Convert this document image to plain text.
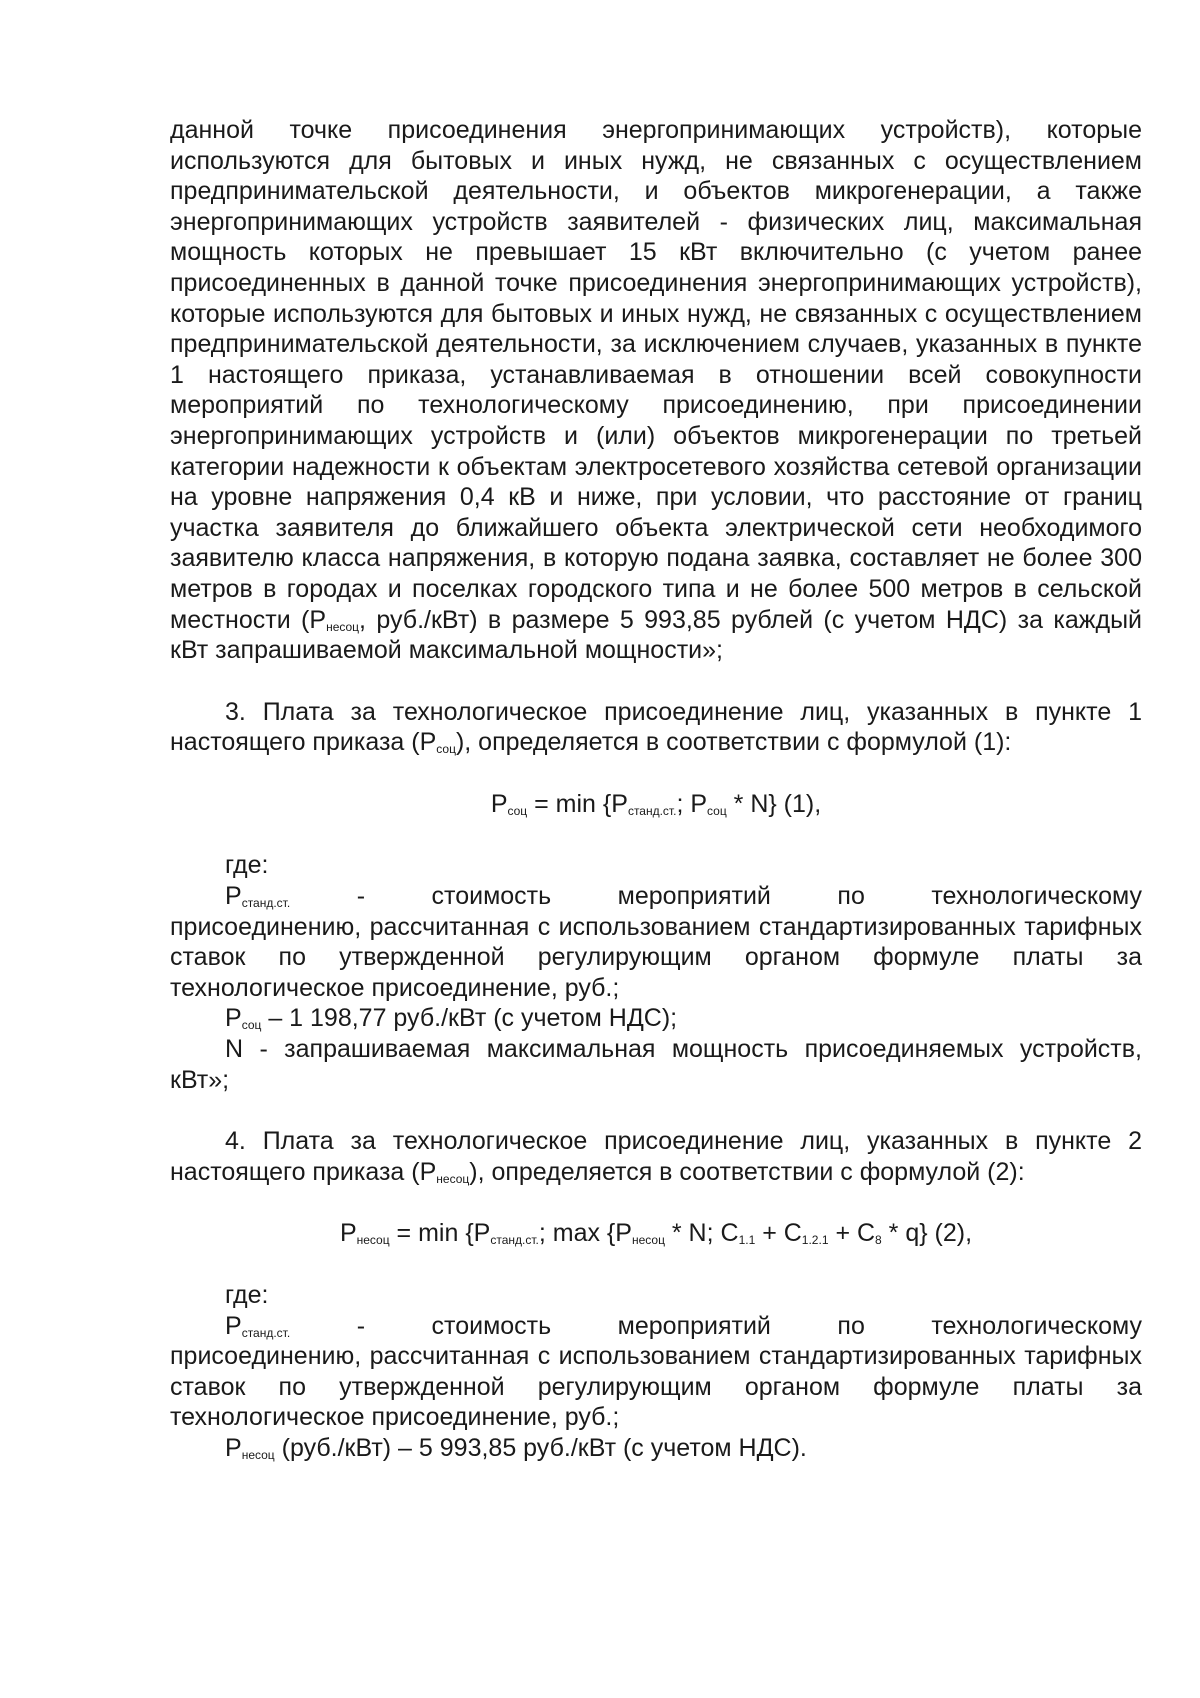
данной точке присоединения энергопринимающих устройств), которые используются для бытовых и иных нужд, не связанных с осуществлением предпринимательской деятельности, и объектов микрогенерации, а также энергопринимающих устройств заявителей - физических лиц, максимальная мощность которых не превышает 15 кВт включительно (с учетом ранее присоединенных в данной точке присоединения энергопринимающих устройств), которые используются для бытовых и иных нужд, не связанных с осуществлением предпринимательской деятельности, за исключением случаев, указанных в пункте 1 настоящего приказа, устанавливаемая в отношении всей совокупности мероприятий по технологическому присоединению, при присоединении энергопринимающих устройств и (или) объектов микрогенерации по третьей категории надежности к объектам электросетевого хозяйства сетевой организации на уровне напряжения 0,4 кВ и ниже, при условии, что расстояние от границ участка заявителя до ближайшего объекта электрической сети необходимого заявителю класса напряжения, в которую подана заявка, составляет не более 300 метров в городах и поселках городского типа и не более 500 метров в сельской местности ($P_{несоц}$, руб./кВт) в размере 5 993,85 рублей (с учетом НДС) за каждый кВт запрашиваемой максимальной мощности»;

3. Плата за технологическое присоединение лиц, указанных в пункте 1 настоящего приказа $(P_{соц})$, определяется в соответствии с формулой (1):

$P_{соц} = \min \{P_{станд.ст.}$; $P_{соц} * N$} (1),

где:

$P_{станд.ст.}$	-	стоимость	мероприятий	по	технологическому

присоединению, рассчитанная с использованием стандартизированных тарифных ставок по утвержденной регулирующим органом формуле платы за технологическое присоединение, руб.;

$P_{соц} - 1$ 198,77 руб./кВт (с учетом НДС);

N - запрашиваемая максимальная мощность присоединяемых устройств, кВт»;

4. Плата за технологическое присоединение лиц, указанных в пункте 2 настоящего приказа $(P_{несоц})$, определяется в соответствии с формулой (2):

$P_{несоц} = \min \{P_{станд.ст.}$; $\max \{P_{несоц}$ * N; $C_{1.1} + C_{1.2.1} + C_8 * q$} (2),

где:

$P_{станд.ст.}$	-	стоимость	мероприятий	по	технологическому

присоединению, рассчитанная с использованием стандартизированных тарифных ставок по утвержденной регулирующим органом формуле платы за технологическое присоединение, руб.;

$P_{несоц}$ (руб./кВт) – 5 993,85 руб./кВт (с учетом НДС).
